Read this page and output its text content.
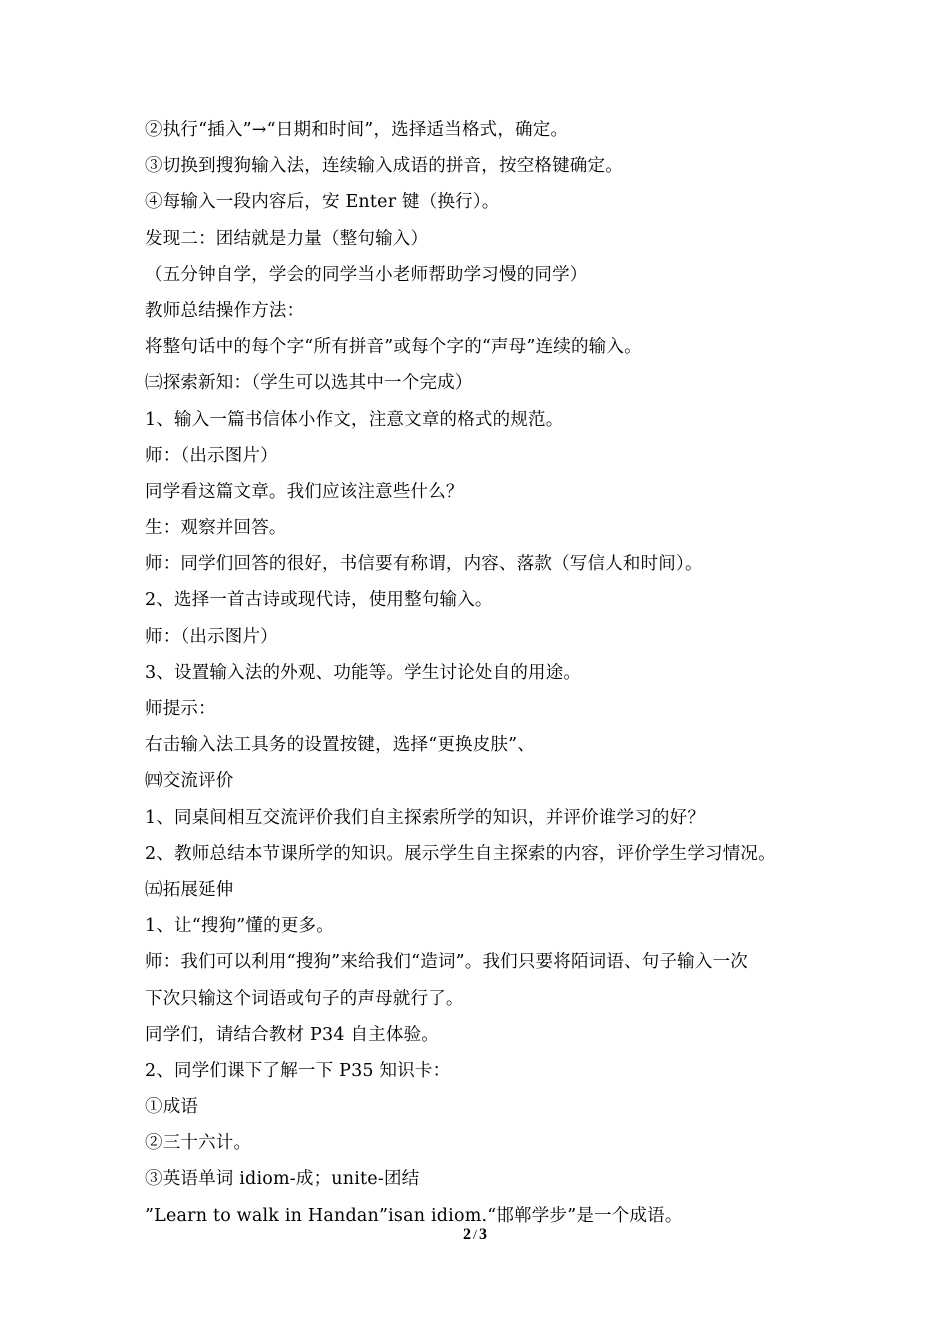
②执行“插入”→“日期和时间”，选择适当格式，确定。
③切换到搜狗输入法，连续输入成语的拼音，按空格键确定。
④每输入一段内容后，安 Enter 键（换行）。
发现二：团结就是力量（整句输入）
（五分钟自学，学会的同学当小老师帮助学习慢的同学）
教师总结操作方法：
将整句话中的每个字“所有拼音”或每个字的“声母”连续的输入。
㈢探索新知：（学生可以选其中一个完成）
1、输入一篇书信体小作文，注意文章的格式的规范。
师：（出示图片）
同学看这篇文章。我们应该注意些什么？
生：观察并回答。
师：同学们回答的很好，书信要有称谓，内容、落款（写信人和时间）。
2、选择一首古诗或现代诗，使用整句输入。
师：（出示图片）
3、设置输入法的外观、功能等。学生讨论处自的用途。
师提示：
右击输入法工具务的设置按键，选择“更换皮肤”、
㈣交流评价
1、同桌间相互交流评价我们自主探索所学的知识，并评价谁学习的好？
2、教师总结本节课所学的知识。展示学生自主探索的内容，评价学生学习情况。
㈤拓展延伸
1、让“搜狗”懂的更多。
师：我们可以利用“搜狗”来给我们“造词”。我们只要将陌词语、句子输入一次
下次只输这个词语或句子的声母就行了。
同学们，请结合教材 P34 自主体验。
2、同学们课下了解一下 P35 知识卡：
①成语
②三十六计。
③英语单词 idiom-成；unite-团结
”Learn to walk in Handan”isan idiom.“邯郸学步”是一个成语。
2 / 3
